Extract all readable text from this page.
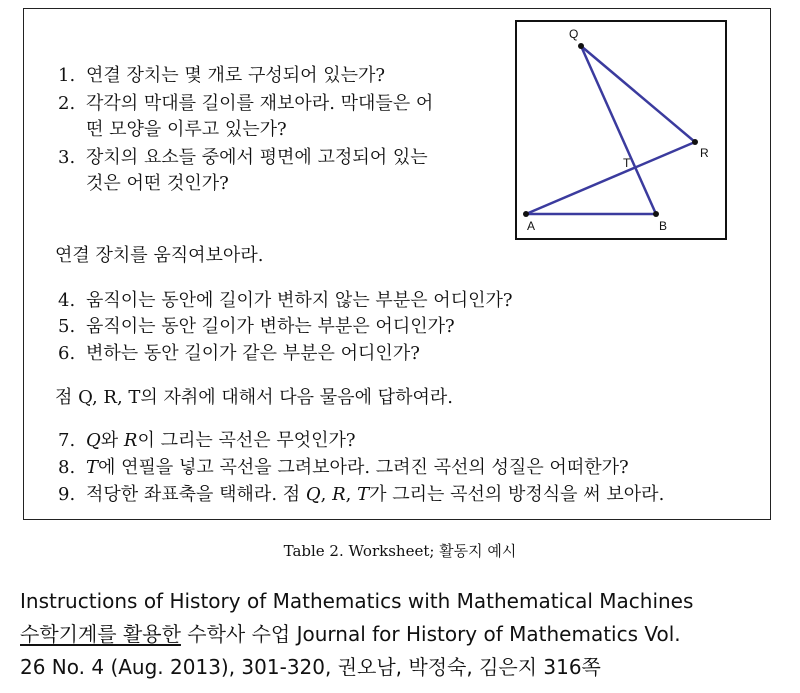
1. 연결 장치는 몇 개로 구성되어 있는가?
2. 각각의 막대를 길이를 재보아라. 막대들은 어
떤 모양을 이루고 있는가?
3. 장치의 요소들 중에서 평면에 고정되어 있는
것은 어떤 것인가?
연결 장치를 움직여보아라.
4. 움직이는 동안에 길이가 변하지 않는 부분은 어디인가?
5. 움직이는 동안 길이가 변하는 부분은 어디인가?
6. 변하는 동안 길이가 같은 부분은 어디인가?
점 Q, R, T의 자취에 대해서 다음 물음에 답하여라.
7. Q와 R이 그리는 곡선은 무엇인가?
8. T에 연필을 넣고 곡선을 그려보아라. 그려진 곡선의 성질은 어떠한가?
9. 적당한 좌표축을 택해라. 점 Q, R, T가 그리는 곡선의 방정식을 써 보아라.
Q
R
T
A	B
Table 2. Worksheet; 활동지 예시
Instructions of History of Mathematics with Mathematical Machines
수학기계를 활용한 수학사 수업 Journal for History of Mathematics Vol.
26 No. 4 (Aug. 2013), 301-320, 권오남, 박정숙, 김은지 316쪽
